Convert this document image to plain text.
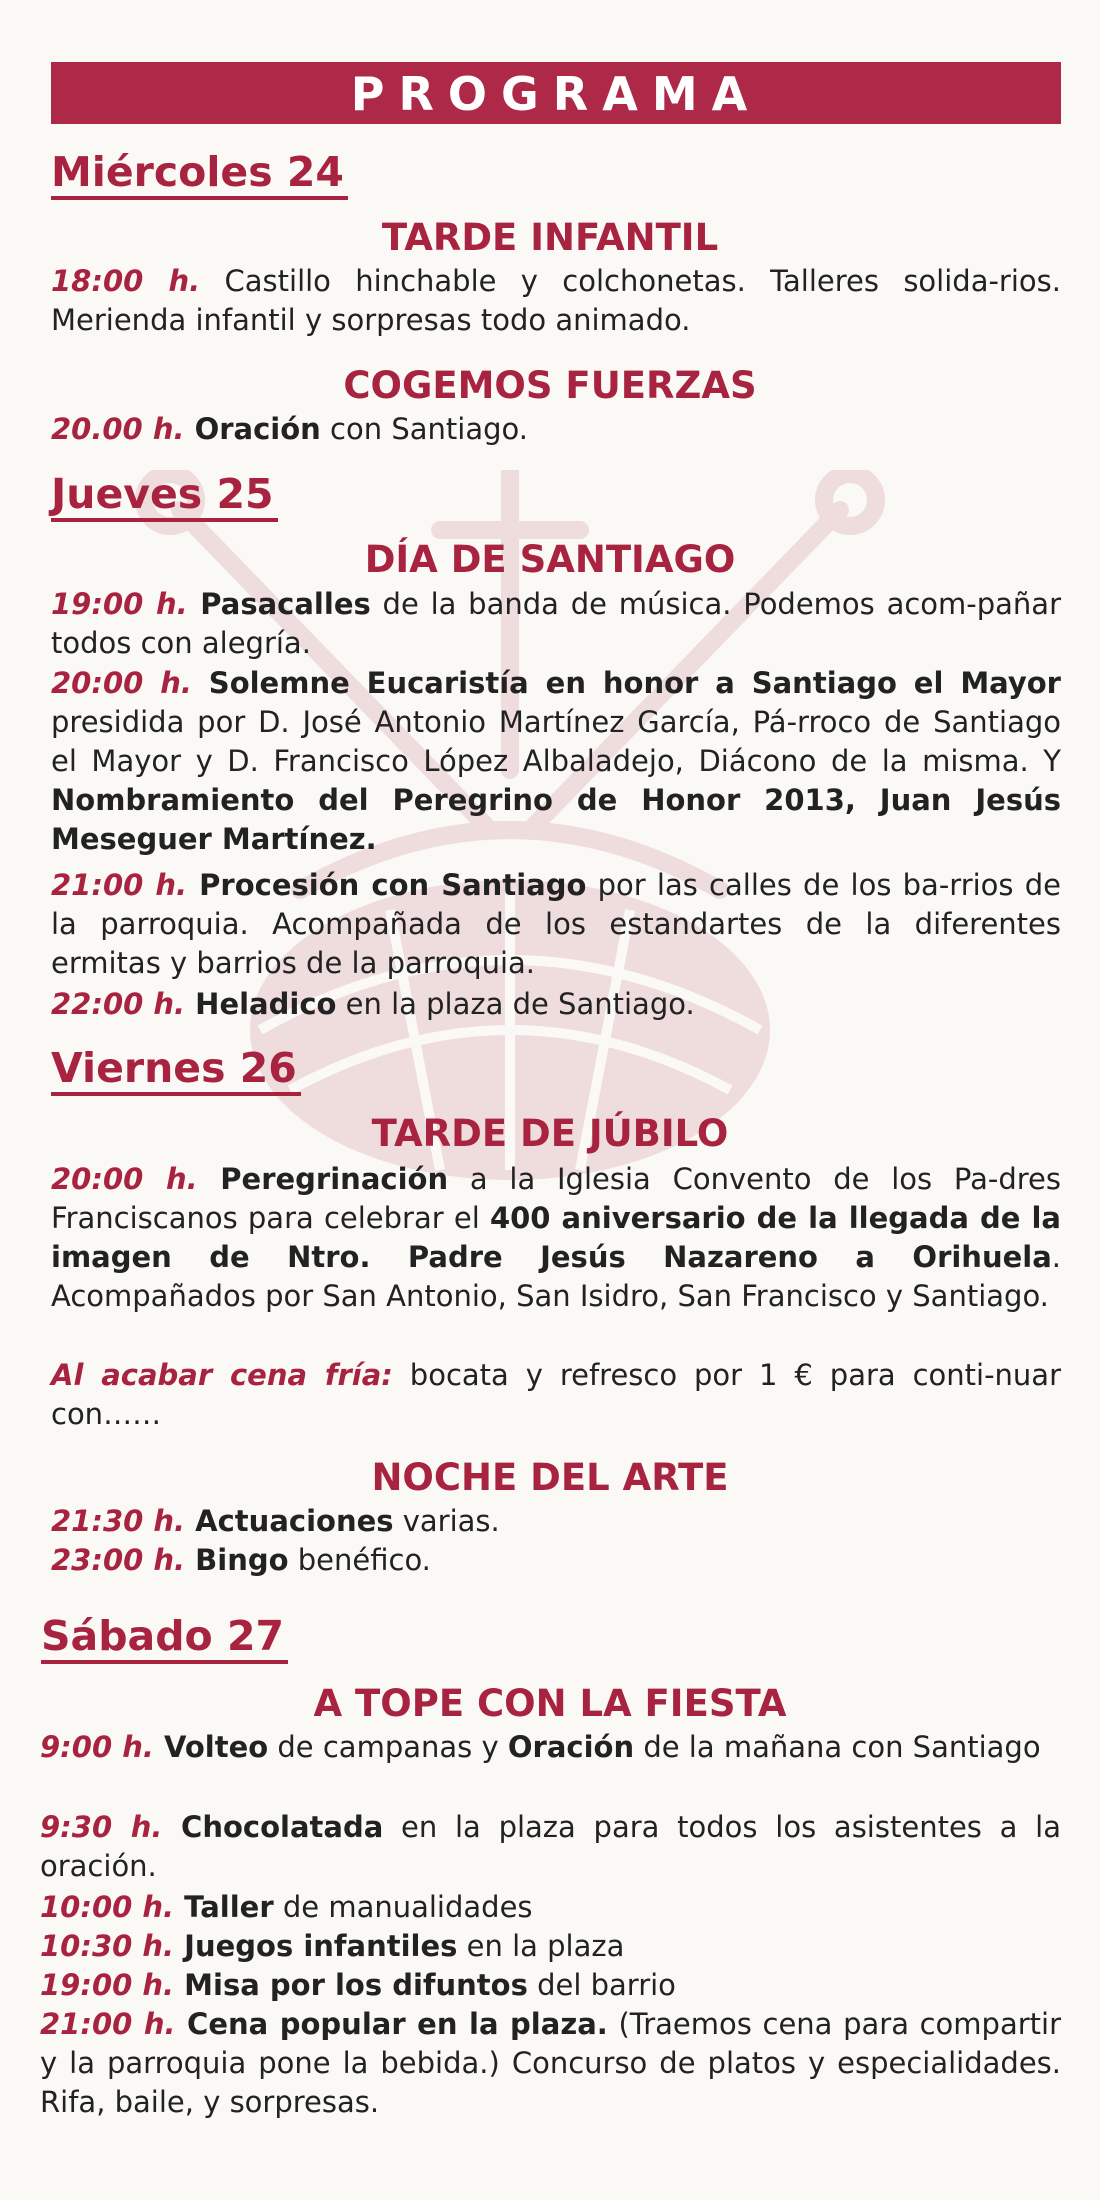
PROGRAMA
Miércoles 24
TARDE INFANTIL
18:00 h. Castillo hinchable y colchonetas. Talleres solida-rios. Merienda infantil y sorpresas todo animado.
COGEMOS FUERZAS
20.00 h. Oración con Santiago.
Jueves 25
DÍA DE SANTIAGO
19:00 h. Pasacalles de la banda de música. Podemos acom-pañar todos con alegría.
20:00 h. Solemne Eucaristía en honor a Santiago el Mayor presidida por D. José Antonio Martínez García, Pá-rroco de Santiago el Mayor y D. Francisco López Albaladejo, Diácono de la misma. Y Nombramiento del Peregrino de Honor 2013, Juan Jesús Meseguer Martínez.
21:00 h. Procesión con Santiago por las calles de los ba-rrios de la parroquia. Acompañada de los estandartes de la diferentes ermitas y barrios de la parroquia.
22:00 h. Heladico en la plaza de Santiago.
Viernes 26
TARDE DE JÚBILO
20:00 h. Peregrinación a la Iglesia Convento de los Pa-dres Franciscanos para celebrar el 400 aniversario de la llegada de la imagen de Ntro. Padre Jesús Nazareno a Orihuela. Acompañados por San Antonio, San Isidro, San Francisco y Santiago.
Al acabar cena fría: bocata y refresco por 1 € para conti-nuar con……
NOCHE DEL ARTE
21:30 h. Actuaciones varias.
23:00 h. Bingo benéfico.
Sábado 27
A TOPE CON LA FIESTA
9:00 h. Volteo de campanas y Oración de la mañana con Santiago
9:30 h. Chocolatada en la plaza para todos los asistentes a la oración.
10:00 h. Taller de manualidades
10:30 h. Juegos infantiles en la plaza
19:00 h. Misa por los difuntos del barrio
21:00 h. Cena popular en la plaza. (Traemos cena para compartir y la parroquia pone la bebida.) Concurso de platos y especialidades. Rifa, baile, y sorpresas.
